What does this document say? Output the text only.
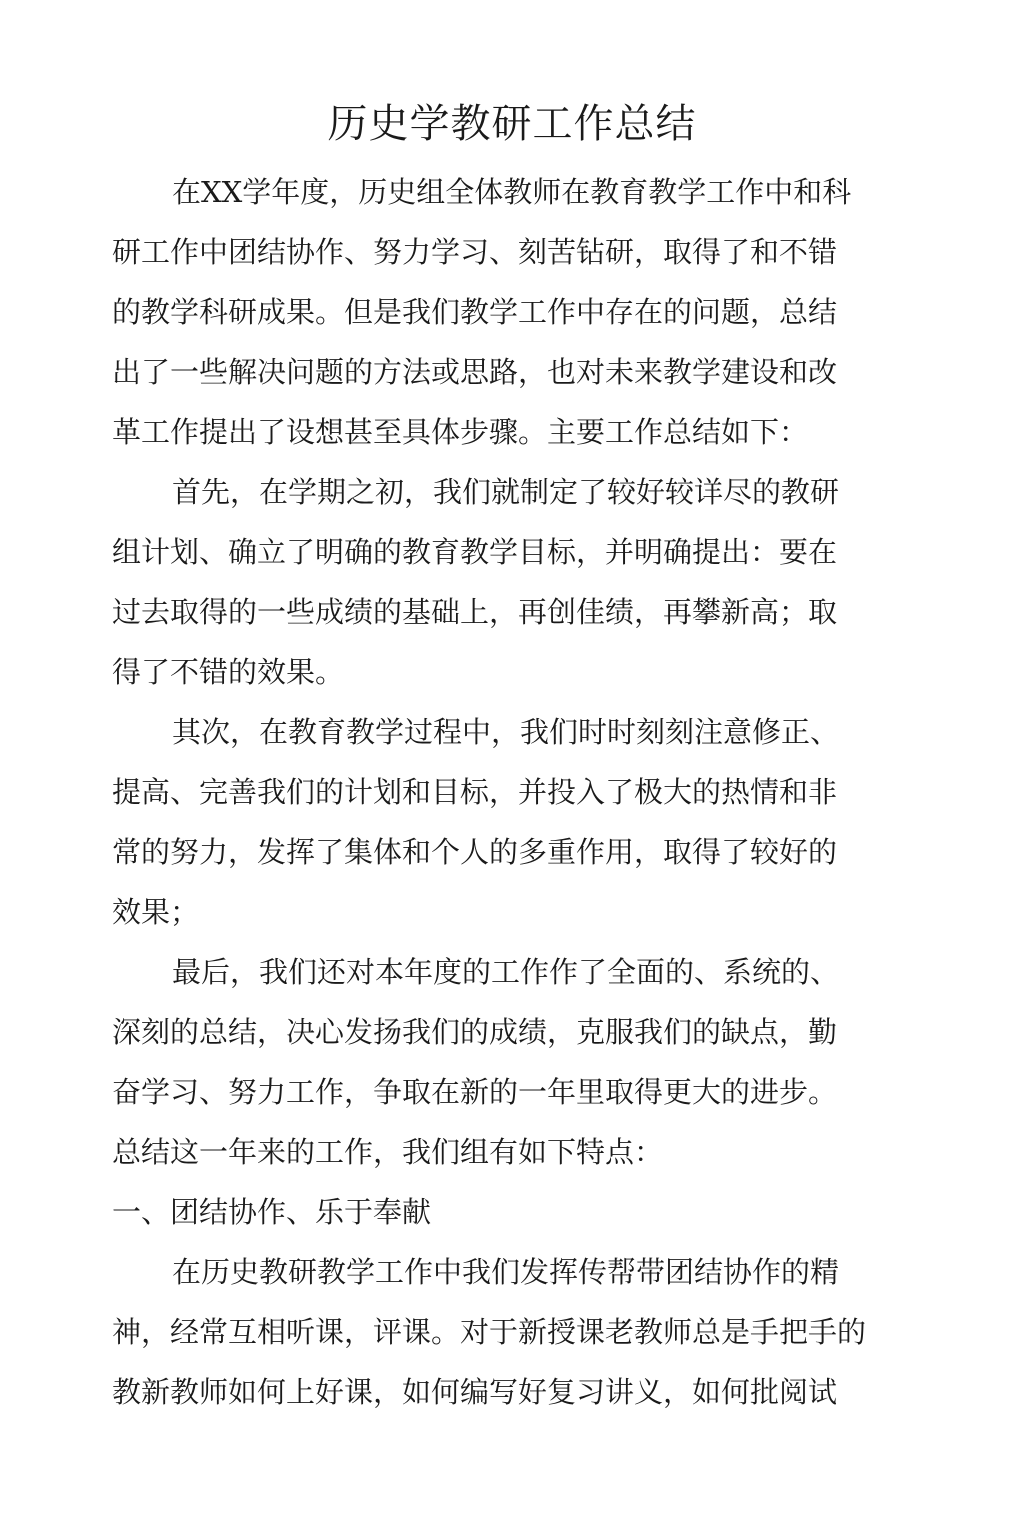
历史学教研工作总结

在XX学年度，历史组全体教师在教育教学工作中和科

研工作中团结协作、努力学习、刻苦钻研，取得了和不错

的教学科研成果。但是我们教学工作中存在的问题，总结

出了一些解决问题的方法或思路，也对未来教学建设和改

革工作提出了设想甚至具体步骤。主要工作总结如下：

首先，在学期之初，我们就制定了较好较详尽的教研

组计划、确立了明确的教育教学目标，并明确提出：要在

过去取得的一些成绩的基础上，再创佳绩，再攀新高；取

得了不错的效果。

其次，在教育教学过程中，我们时时刻刻注意修正、

提高、完善我们的计划和目标，并投入了极大的热情和非

常的努力，发挥了集体和个人的多重作用，取得了较好的

效果；

最后，我们还对本年度的工作作了全面的、系统的、

深刻的总结，决心发扬我们的成绩，克服我们的缺点，勤

奋学习、努力工作，争取在新的一年里取得更大的进步。

总结这一年来的工作，我们组有如下特点：

一、团结协作、乐于奉献

在历史教研教学工作中我们发挥传帮带团结协作的精

神，经常互相听课，评课。对于新授课老教师总是手把手的

教新教师如何上好课，如何编写好复习讲义，如何批阅试
